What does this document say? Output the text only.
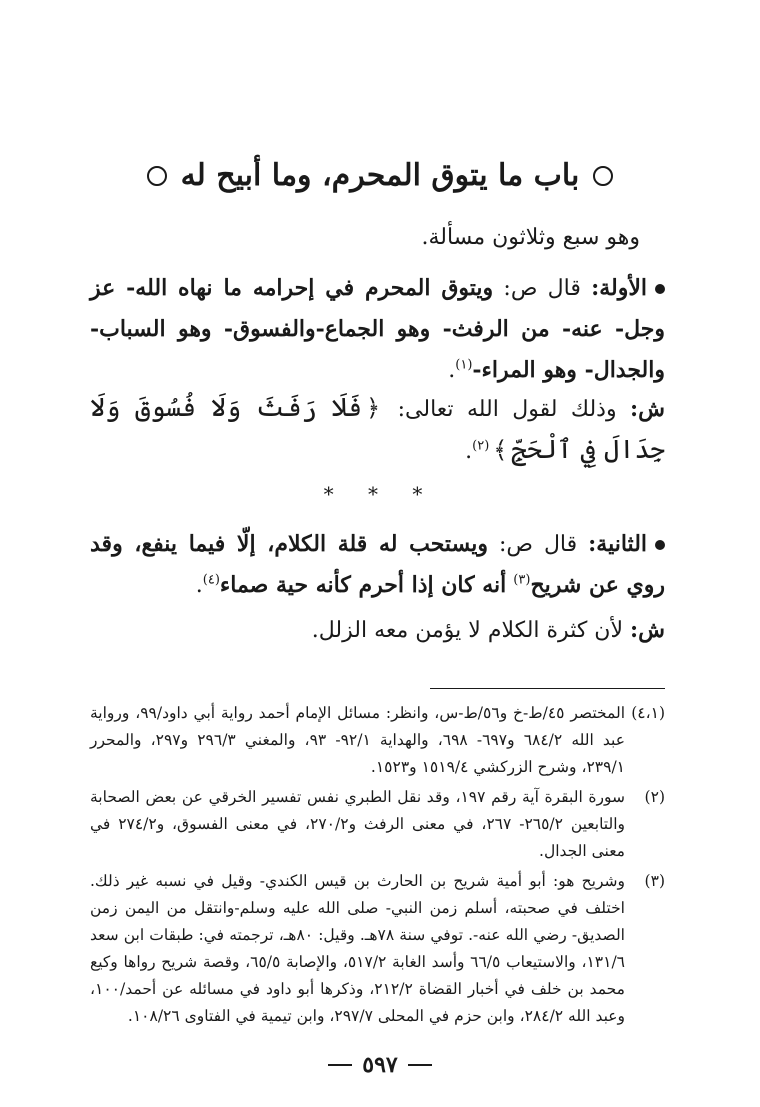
باب ما يتوق المحرم، وما أبيح له
وهو سبع وثلاثون مسألة.
الأولة: قال ص: ويتوق المحرم في إحرامه ما نهاه الله- عز وجل- عنه- من الرفث- وهو الجماع-والفسوق- وهو السباب- والجدال- وهو المراء-$^{(١)}$.
ش: وذلك لقول الله تعالى: ﴿فَلَا رَفَثَ وَلَا فُسُوقَ وَلَا جِدَالَ فِي ٱلْحَجِّ﴾$^{(٢)}$.
* * *
الثانية: قال ص: ويستحب له قلة الكلام، إلّا فيما ينفع، وقد روي عن شريح$^{(٣)}$ أنه كان إذا أحرم كأنه حية صماء$^{(٤)}$.
ش: لأن كثرة الكلام لا يؤمن معه الزلل.
(٤،١)
المختصر ٤٥/ط-خ و٥٦/ط-س، وانظر: مسائل الإمام أحمد رواية أبي داود/٩٩، ورواية عبد الله ٦٨٤/٢ و٦٩٧- ٦٩٨، والهداية ٩٢/١- ٩٣، والمغني ٢٩٦/٣ و٢٩٧، والمحرر ٢٣٩/١، وشرح الزركشي ١٥١٩/٤ و١٥٢٣.
(٢)
سورة البقرة آية رقم ١٩٧، وقد نقل الطبري نفس تفسير الخرقي عن بعض الصحابة والتابعين ٢٦٥/٢- ٢٦٧، في معنى الرفث و٢٧٠/٢، في معنى الفسوق، و٢٧٤/٢ في معنى الجدال.
(٣)
وشريح هو: أبو أمية شريح بن الحارث بن قيس الكندي- وقيل في نسبه غير ذلك. اختلف في صحبته، أسلم زمن النبي- صلى الله عليه وسلم-وانتقل من اليمن زمن الصديق- رضي الله عنه-. توفي سنة ٧٨هـ. وقيل: ٨٠هـ، ترجمته في: طبقات ابن سعد ١٣١/٦، والاستيعاب ٦٦/٥ وأسد الغابة ٥١٧/٢، والإصابة ٦٥/٥، وقصة شريح رواها وكيع محمد بن خلف في أخبار القضاة ٢١٢/٢، وذكرها أبو داود في مسائله عن أحمد/١٠٠، وعبد الله ٢٨٤/٢، وابن حزم في المحلى ٢٩٧/٧، وابن تيمية في الفتاوى ١٠٨/٢٦.
٥٩٧
